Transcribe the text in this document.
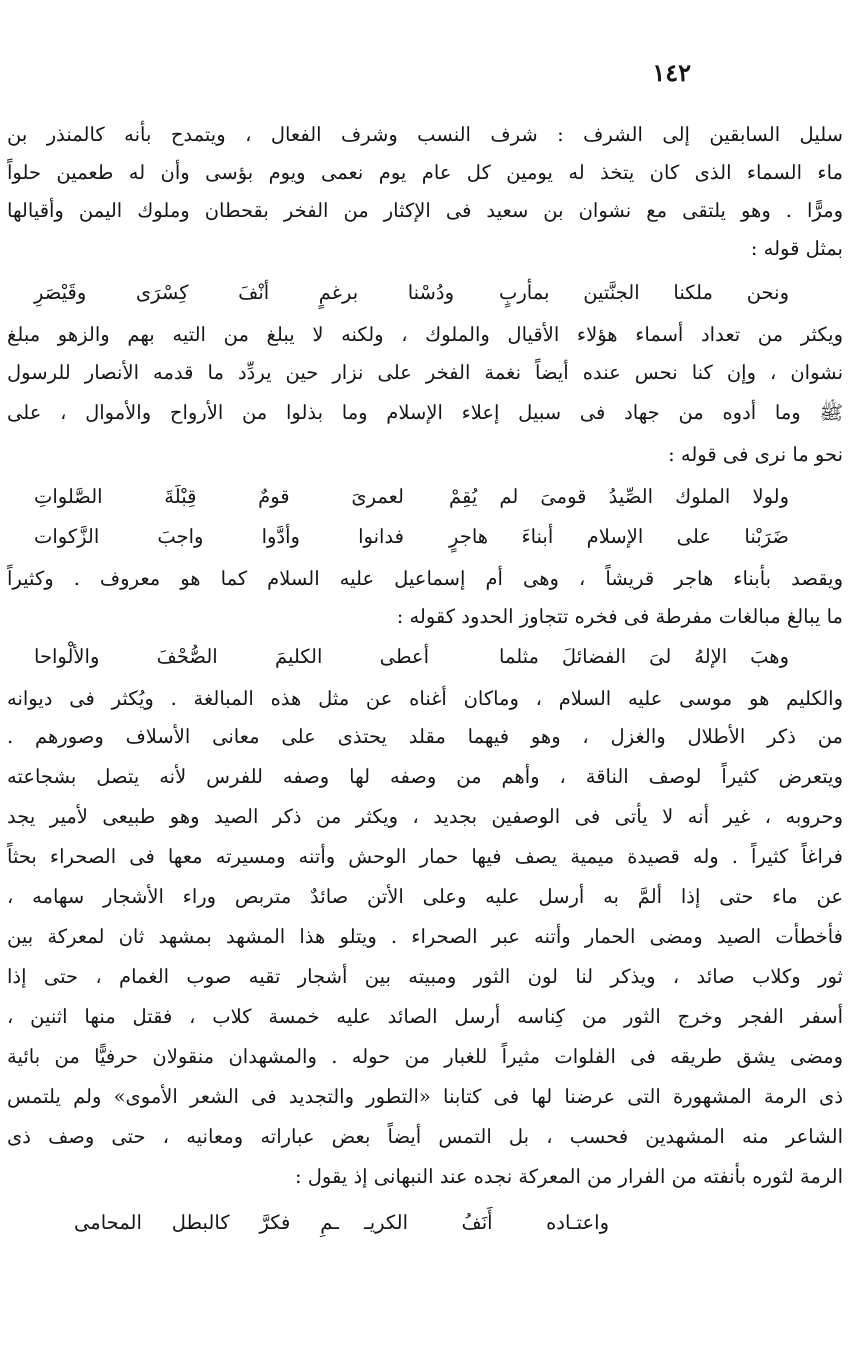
١٤٢
سليل السابقين إلى الشرف : شرف النسب وشرف الفعال ، ويتمدح بأنه كالمنذر بن
ماء السماء الذى كان يتخذ له يومين كل عام يوم نعمى ويوم بؤسى وأن له طعمين حلواً
ومرًّا . وهو يلتقى مع نشوان بن سعيد فى الإكثار من الفخر بقحطان وملوك اليمن وأقيالها
بمثل قوله :
ونحن ملكنا الجنَّتين بمأربٍ
ودُسْنا برغمٍ أنْفَ كِسْرَى وقَيْصَرِ
ويكثر من تعداد أسماء هؤلاء الأقيال والملوك ، ولكنه لا يبلغ من التيه بهم والزهو مبلغ
نشوان ، وإن كنا نحس عنده أيضاً نغمة الفخر على نزار حين يردِّد ما قدمه الأنصار للرسول
ﷺ وما أدوه من جهاد فى سبيل إعلاء الإسلام وما بذلوا من الأرواح والأموال ، على
نحو ما نرى فى قوله :
ولولا الملوك الصِّيدُ قومىَ لم يُقِمْ
لعمرىَ قومٌ قِبْلَةَ الصَّلواتِ
ضَرَبْنا على الإسلام أبناءَ هاجرٍ
فدانوا وأدَّوا واجبَ الزَّكوات
ويقصد بأبناء هاجر قريشاً ، وهى أم إسماعيل عليه السلام كما هو معروف . وكثيراً
ما يبالغ مبالغات مفرطة فى فخره تتجاوز الحدود كقوله :
وهبَ الإلهُ لىَ الفضائلَ مثلما
أعطى الكليمَ الصُّحْفَ والألْواحا
والكليم هو موسى عليه السلام ، وماكان أغناه عن مثل هذه المبالغة . ويُكثر فى ديوانه
من ذكر الأطلال والغزل ، وهو فيهما مقلد يحتذى على معانى الأسلاف وصورهم .
ويتعرض كثيراً لوصف الناقة ، وأهم من وصفه لها وصفه للفرس لأنه يتصل بشجاعته
وحروبه ، غير أنه لا يأتى فى الوصفين بجديد ، ويكثر من ذكر الصيد وهو طبيعى لأمير يجد
فراغاً كثيراً . وله قصيدة ميمية يصف فيها حمار الوحش وأتنه ومسيرته معها فى الصحراء بحثاً
عن ماء حتى إذا ألمَّ به أرسل عليه وعلى الأتن صائدٌ متربص وراء الأشجار سهامه ،
فأخطأت الصيد ومضى الحمار وأتنه عبر الصحراء . ويتلو هذا المشهد بمشهد ثان لمعركة بين
ثور وكلاب صائد ، ويذكر لنا لون الثور ومبيته بين أشجار تقيه صوب الغمام ، حتى إذا
أسفر الفجر وخرج الثور من كِناسه أرسل الصائد عليه خمسة كلاب ، فقتل منها اثنين ،
ومضى يشق طريقه فى الفلوات مثيراً للغبار من حوله . والمشهدان منقولان حرفيًّا من بائية
ذى الرمة المشهورة التى عرضنا لها فى كتابنا «التطور والتجديد فى الشعر الأموى» ولم يلتمس
الشاعر منه المشهدين فحسب ، بل التمس أيضاً بعض عباراته ومعانيه ، حتى وصف ذى
الرمة لثوره بأنفته من الفرار من المعركة نجده عند النبهانى إذ يقول :
واعتـاده أَنَفُ الكريـ
ـمِ فكرَّ كالبطل المحامى
